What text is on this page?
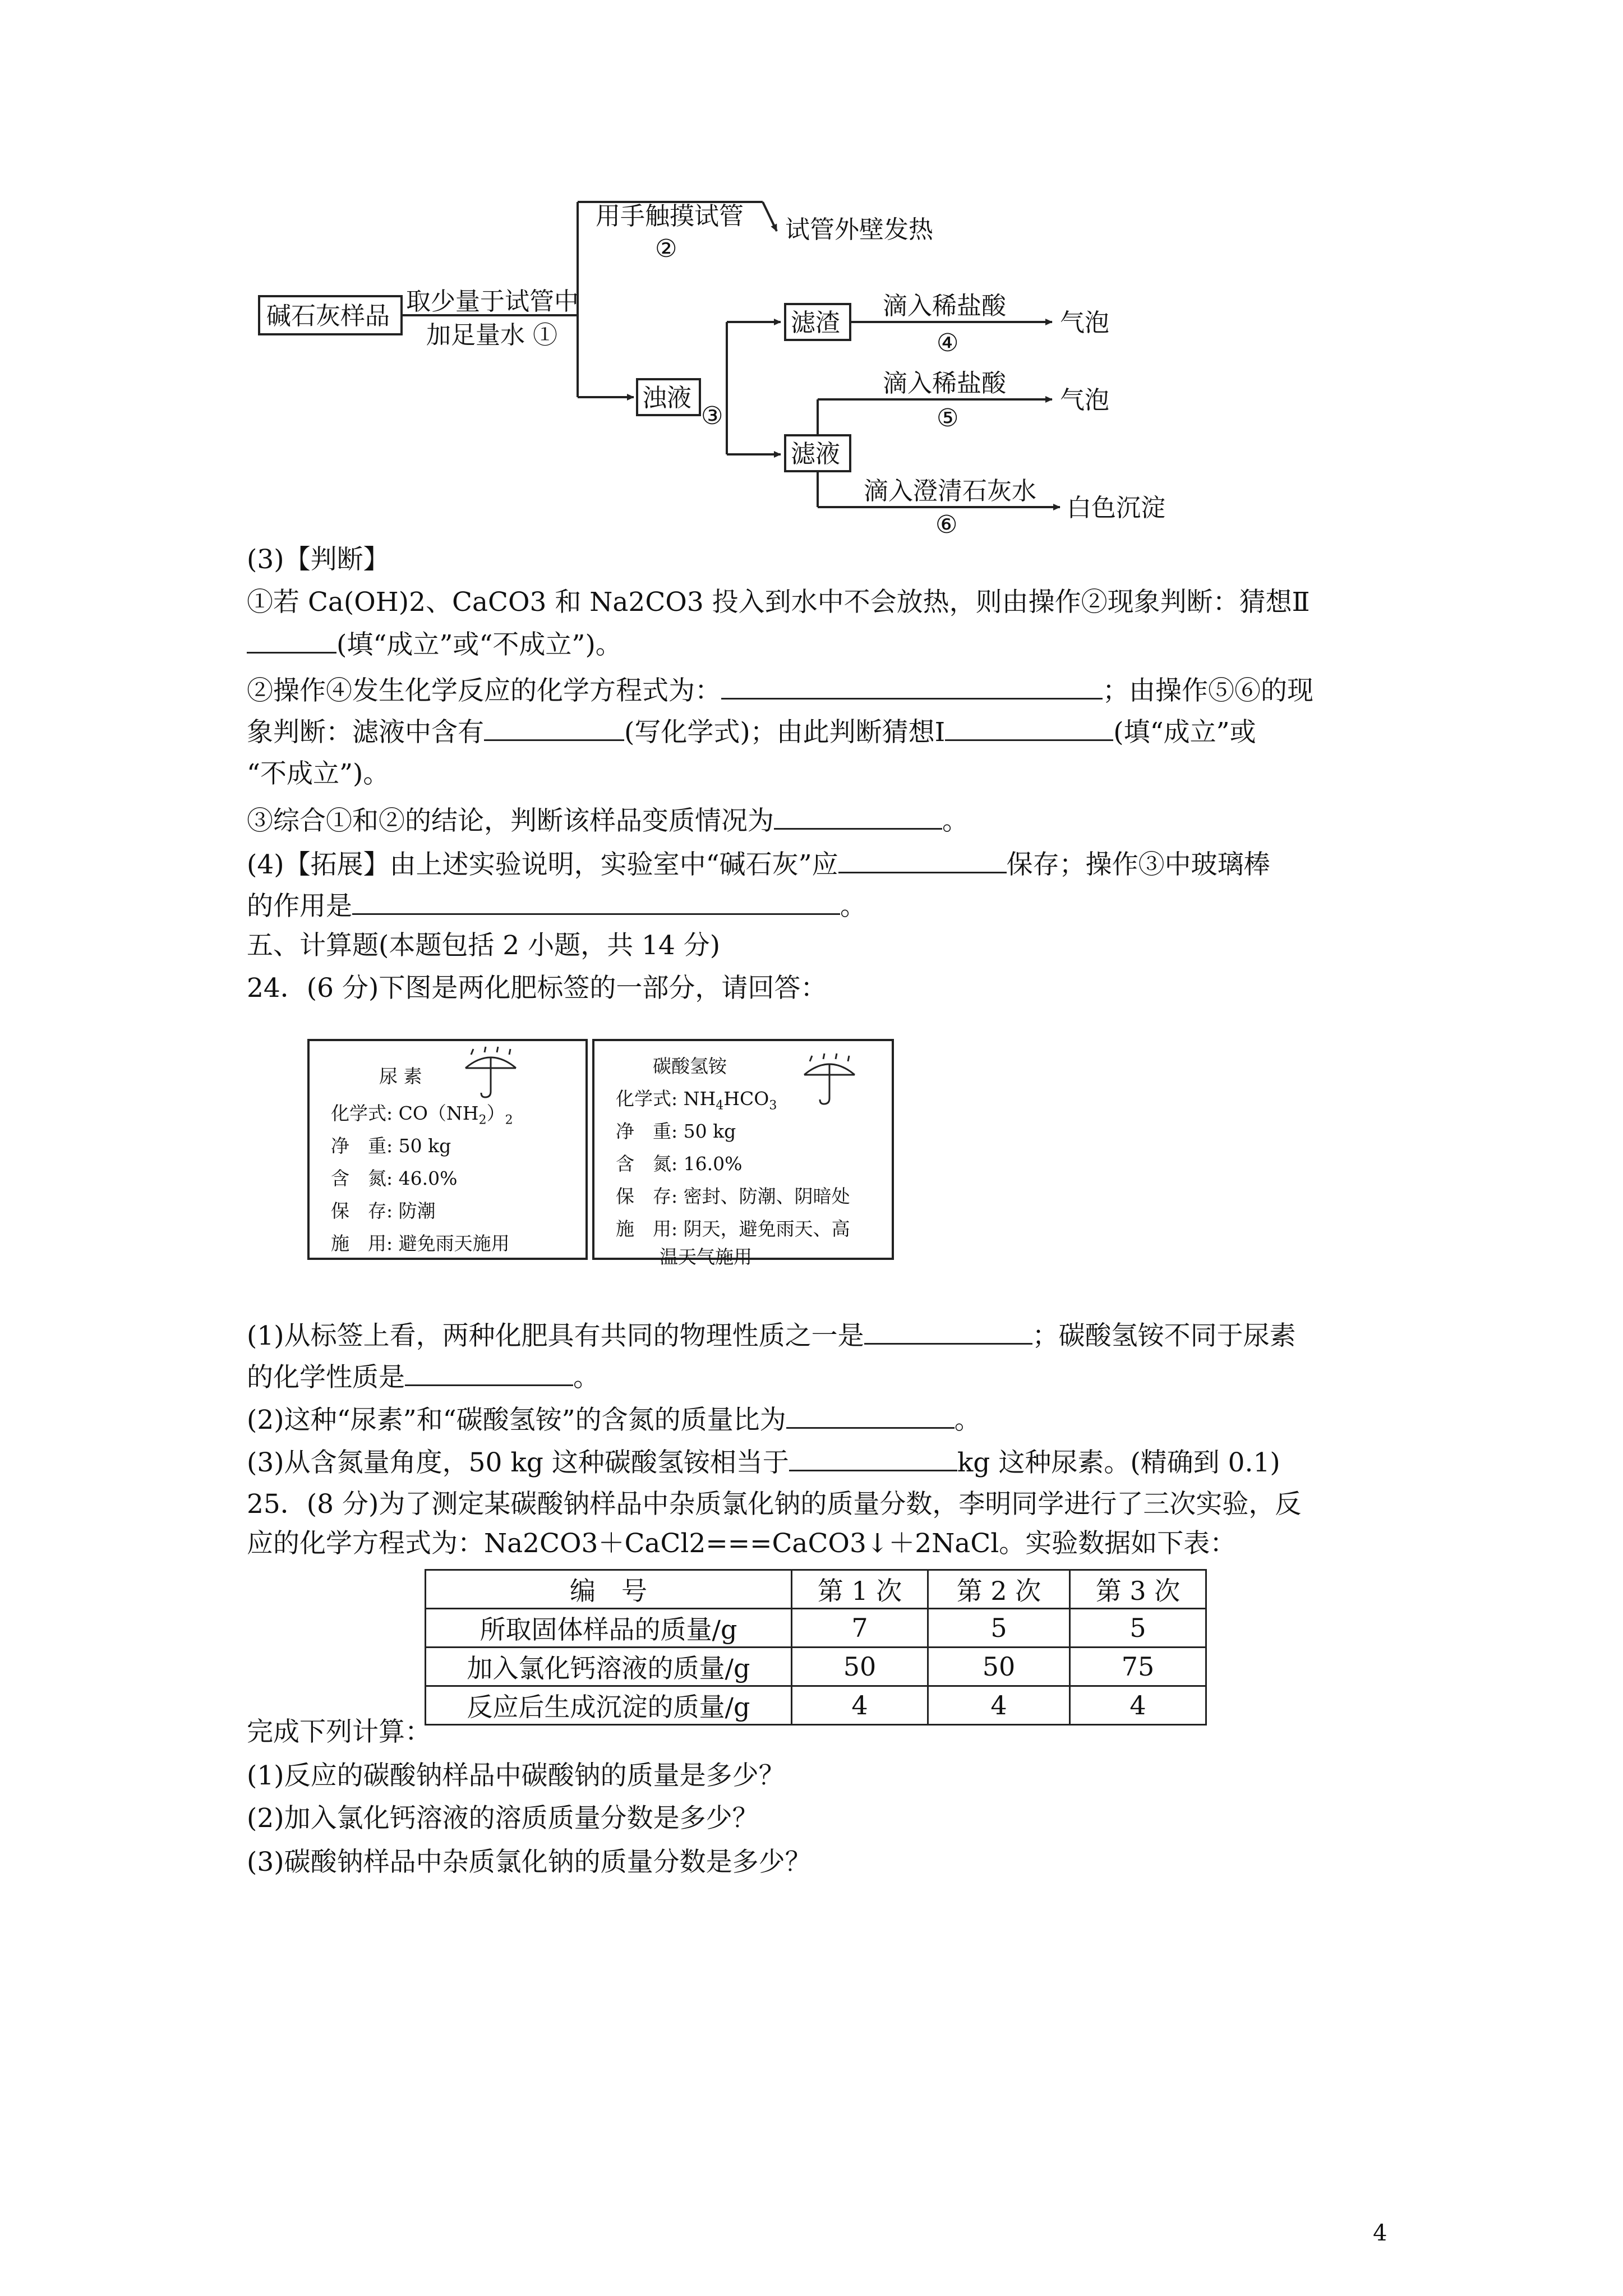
碱石灰样品
取少量于试管中
加足量水 ①
用手触摸试管
②
试管外壁发热
浊液
③
滤渣
滴入稀盐酸
④
气泡
滤液
滴入稀盐酸
⑤
气泡
滴入澄清石灰水
⑥
白色沉淀
(3)【判断】
①若 Ca(OH)2、CaCO3 和 Na2CO3 投入到水中不会放热，则由操作②现象判断：猜想Ⅱ
(填“成立”或“不成立”)。
②操作④发生化学反应的化学方程式为：	；由操作⑤⑥的现
象判断：滤液中含有	(写化学式)；由此判断猜想Ⅰ	(填“成立”或
“不成立”)。
③综合①和②的结论，判断该样品变质情况为	。
(4)【拓展】由上述实验说明，实验室中“碱石灰”应	保存；操作③中玻璃棒
的作用是	。
五、计算题(本题包括 2 小题，共 14 分)
24．(6 分)下图是两化肥标签的一部分，请回答：
尿 素
化学式: $CO(NH_2)_2$
净　重: 50 kg
含　氮: 46.0%
保　存: 防潮
施　用: 避免雨天施用
碳酸氢铵
化学式: $NH_4HCO_3$
净　重: 50 kg
含　氮: 16.0%
保　存: 密封、防潮、阴暗处
施　用: 阴天，避免雨天、高
温天气施用
(1)从标签上看，两种化肥具有共同的物理性质之一是	；碳酸氢铵不同于尿素
的化学性质是	。
(2)这种“尿素”和“碳酸氢铵”的含氮的质量比为	。
(3)从含氮量角度，50 kg 这种碳酸氢铵相当于	kg 这种尿素。(精确到 0.1)
25．(8 分)为了测定某碳酸钠样品中杂质氯化钠的质量分数，李明同学进行了三次实验，反
应的化学方程式为：Na2CO3＋CaCl2===CaCO3↓＋2NaCl。实验数据如下表：
编　号	第 1 次	第 2 次	第 3 次
所取固体样品的质量/g	7	5	5
加入氯化钙溶液的质量/g	50	50	75
反应后生成沉淀的质量/g	4	4	4
完成下列计算：
(1)反应的碳酸钠样品中碳酸钠的质量是多少？
(2)加入氯化钙溶液的溶质质量分数是多少？
(3)碳酸钠样品中杂质氯化钠的质量分数是多少？
4
